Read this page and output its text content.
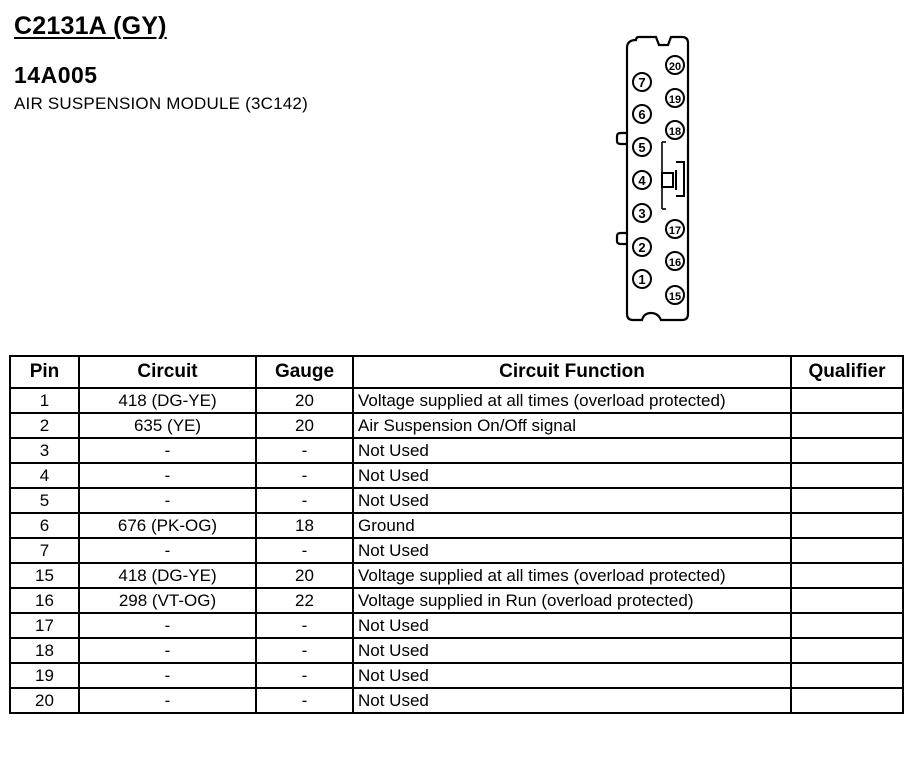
C2131A (GY)
14A005
AIR SUSPENSION MODULE (3C142)
1
2
3
4
5
6
7
15
16
17
18
19
20
Pin	Circuit	Gauge	Circuit Function	Qualifier
1	418 (DG-YE)	20	Voltage supplied at all times (overload protected)	
2	635 (YE)	20	Air Suspension On/Off signal	
3	-	-	Not Used	
4	-	-	Not Used	
5	-	-	Not Used	
6	676 (PK-OG)	18	Ground	
7	-	-	Not Used	
15	418 (DG-YE)	20	Voltage supplied at all times (overload protected)	
16	298 (VT-OG)	22	Voltage supplied in Run (overload protected)	
17	-	-	Not Used	
18	-	-	Not Used	
19	-	-	Not Used	
20	-	-	Not Used	
